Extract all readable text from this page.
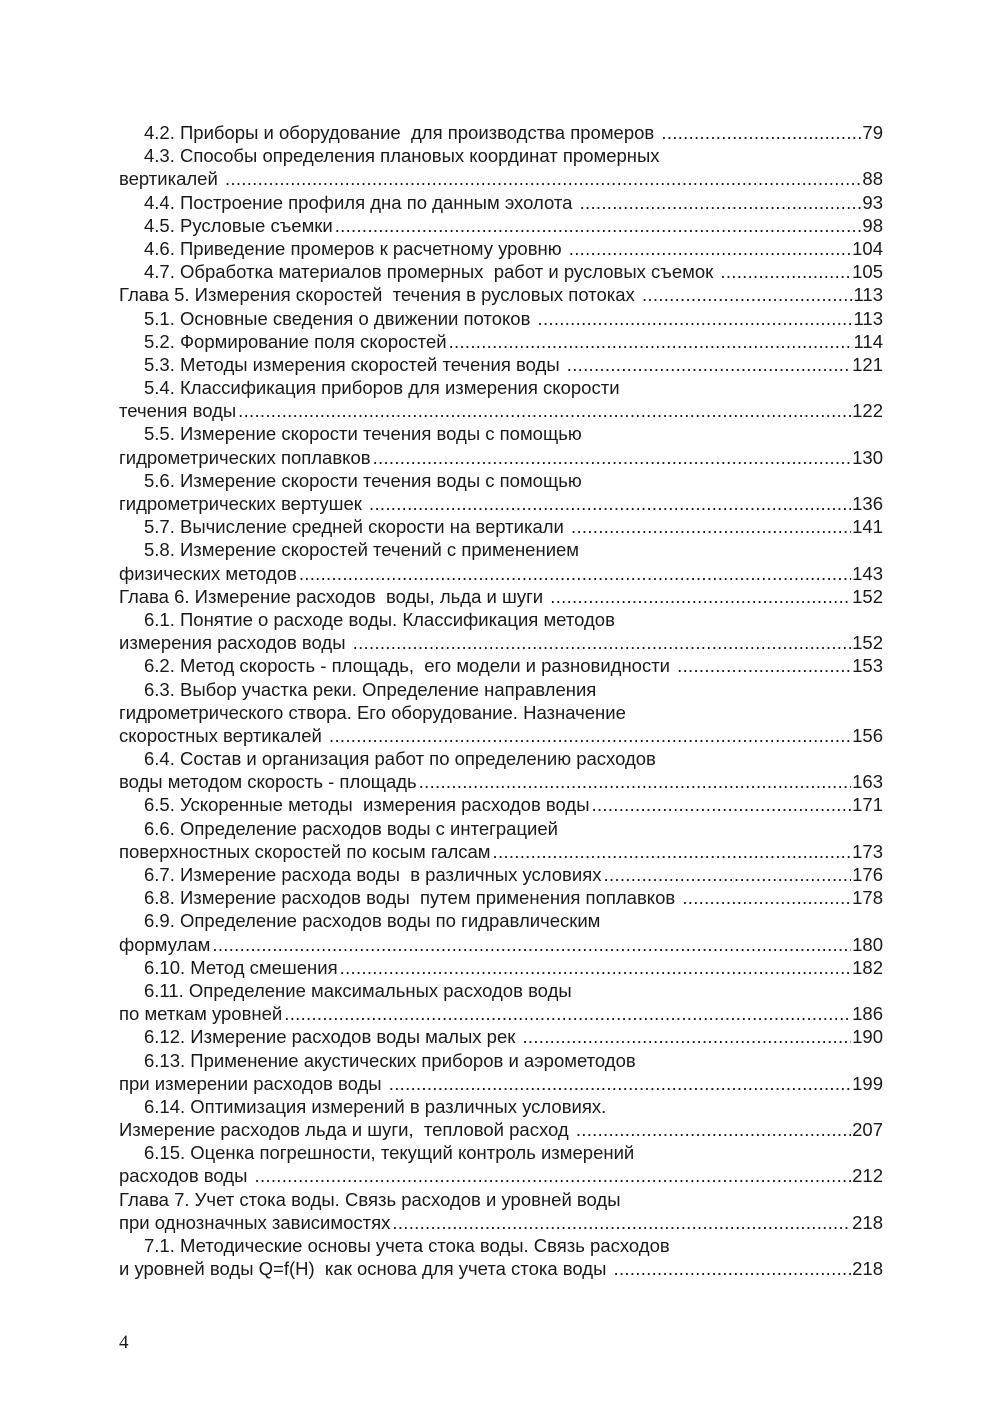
4.2. Приборы и оборудование  для производства промеров .....	79
4.3. Способы определения плановых координат промерных
вертикалей .....	88
4.4. Построение профиля дна по данным эхолота .....	93
4.5. Русловые съемки .....	98
4.6. Приведение промеров к расчетному уровню .....	104
4.7. Обработка материалов промерных  работ и русловых съемок .....	105
Глава 5. Измерения скоростей  течения в русловых потоках .....	113
5.1. Основные сведения о движении потоков .....	113
5.2. Формирование поля скоростей .....	114
5.3. Методы измерения скоростей течения воды .....	121
5.4. Классификация приборов для измерения скорости
течения воды .....	122
5.5. Измерение скорости течения воды с помощью
гидрометрических поплавков .....	130
5.6. Измерение скорости течения воды с помощью
гидрометрических вертушек .....	136
5.7. Вычисление средней скорости на вертикали .....	141
5.8. Измерение скоростей течений с применением
физических методов .....	143
Глава 6. Измерение расходов  воды, льда и шуги .....	152
6.1. Понятие о расходе воды. Классификация методов
измерения расходов воды .....	152
6.2. Метод скорость - площадь,  его модели и разновидности .....	153
6.3. Выбор участка реки. Определение направления
гидрометрического створа. Его оборудование. Назначение
скоростных вертикалей .....	156
6.4. Состав и организация работ по определению расходов
воды методом скорость - площадь .....	163
6.5. Ускоренные методы  измерения расходов воды .....	171
6.6. Определение расходов воды с интеграцией
поверхностных скоростей по косым галсам .....	173
6.7. Измерение расхода воды  в различных условиях .....	176
6.8. Измерение расходов воды  путем применения поплавков .....	178
6.9. Определение расходов воды по гидравлическим
формулам .....	180
6.10. Метод смешения .....	182
6.11. Определение максимальных расходов воды
по меткам уровней .....	186
6.12. Измерение расходов воды малых рек .....	190
6.13. Применение акустических приборов и аэрометодов
при измерении расходов воды .....	199
6.14. Оптимизация измерений в различных условиях.
Измерение расходов льда и шуги,  тепловой расход .....	207
6.15. Оценка погрешности, текущий контроль измерений
расходов воды .....	212
Глава 7. Учет стока воды. Связь расходов и уровней воды
при однозначных зависимостях .....	218
7.1. Методические основы учета стока воды. Связь расходов
и уровней воды Q=f(H)  как основа для учета стока воды .....	218
4
